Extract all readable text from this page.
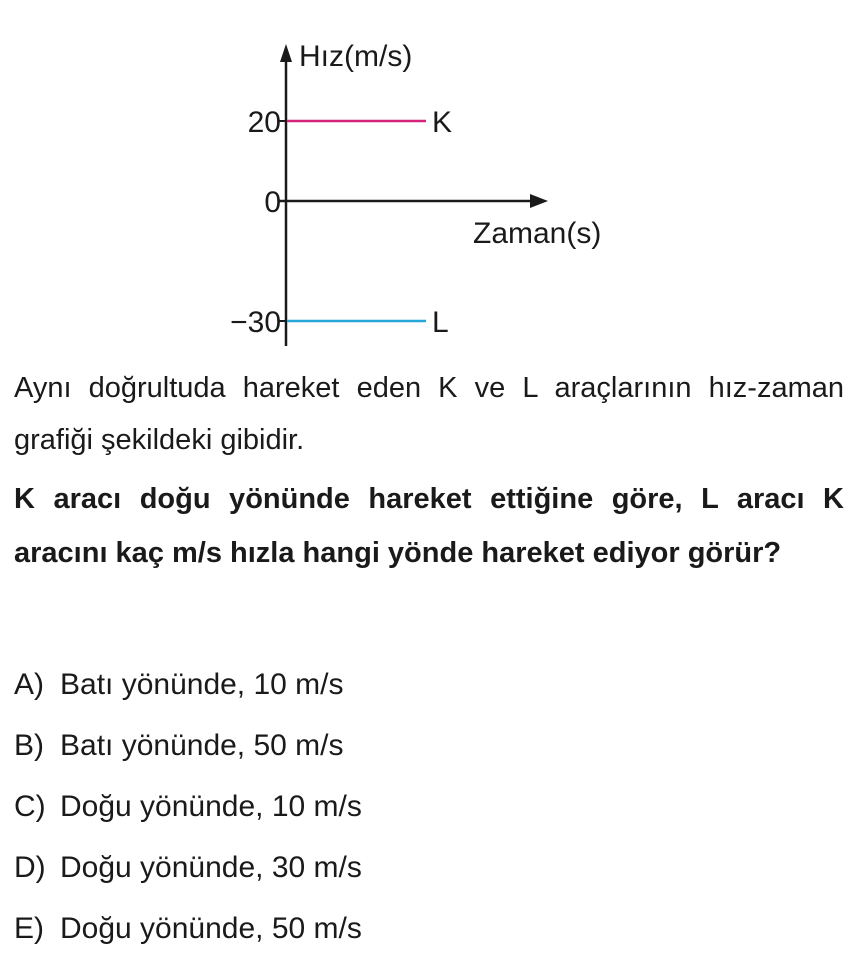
20
0
−30
Hız(m/s)
Zaman(s)
K
L

Aynı doğrultuda hareket eden K ve L araçlarının hız-zaman grafiği şekildeki gibidir.

K aracı doğu yönünde hareket ettiğine göre, L aracı K aracını kaç m/s hızla hangi yönde hareket ediyor görür?

A) Batı yönünde, 10 m/s
B) Batı yönünde, 50 m/s
C) Doğu yönünde, 10 m/s
D) Doğu yönünde, 30 m/s
E) Doğu yönünde, 50 m/s
